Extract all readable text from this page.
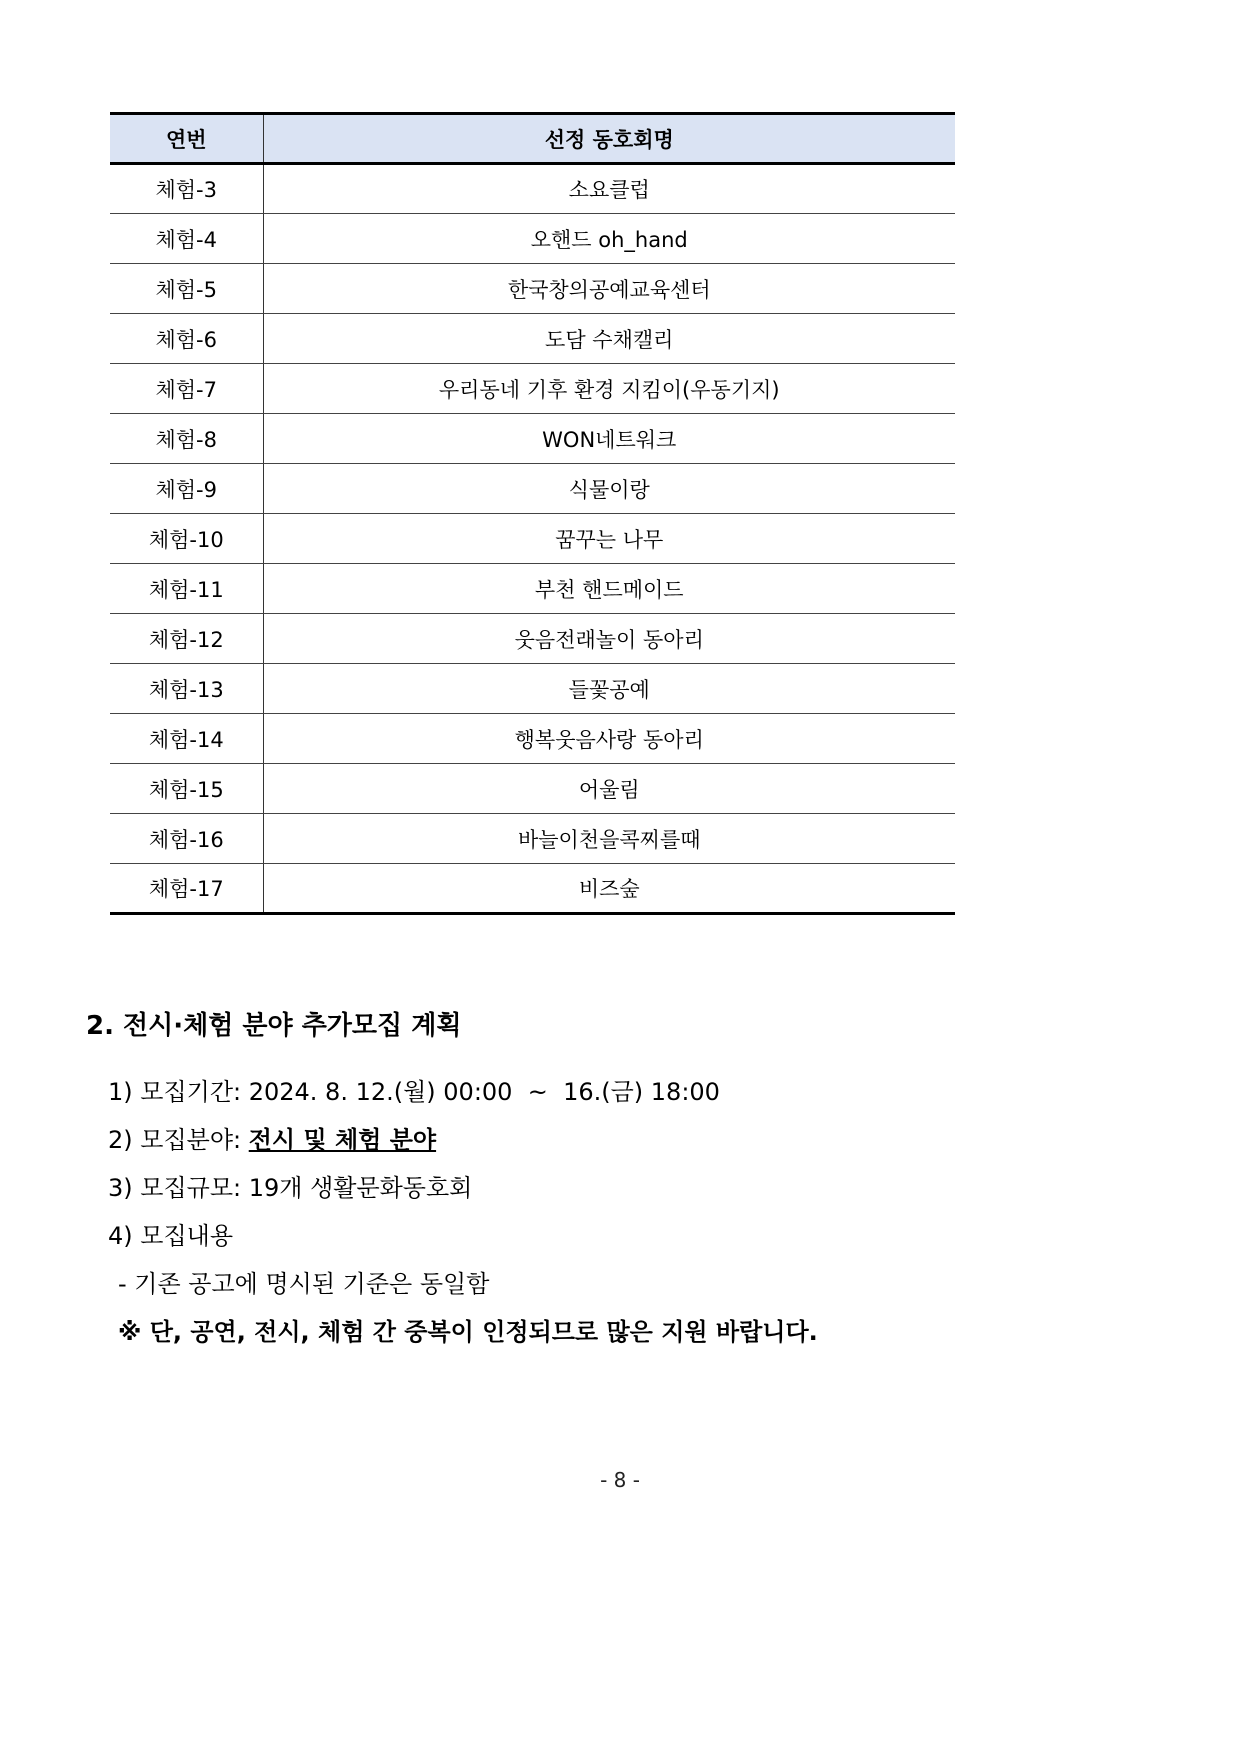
연번	선정 동호회명
체험-3	소요클럽
체험-4	오핸드 oh_hand
체험-5	한국창의공예교육센터
체험-6	도담 수채캘리
체험-7	우리동네 기후 환경 지킴이(우동기지)
체험-8	WON네트워크
체험-9	식물이랑
체험-10	꿈꾸는 나무
체험-11	부천 핸드메이드
체험-12	웃음전래놀이 동아리
체험-13	들꽃공예
체험-14	행복웃음사랑 동아리
체험-15	어울림
체험-16	바늘이천을콕찌를때
체험-17	비즈숲
2. 전시·체험 분야 추가모집 계획
1) 모집기간: 2024. 8. 12.(월) 00:00  ~  16.(금) 18:00
2) 모집분야: 전시 및 체험 분야
3) 모집규모: 19개 생활문화동호회
4) 모집내용
- 기존 공고에 명시된 기준은 동일함
※ 단, 공연, 전시, 체험 간 중복이 인정되므로 많은 지원 바랍니다.
- 8 -
